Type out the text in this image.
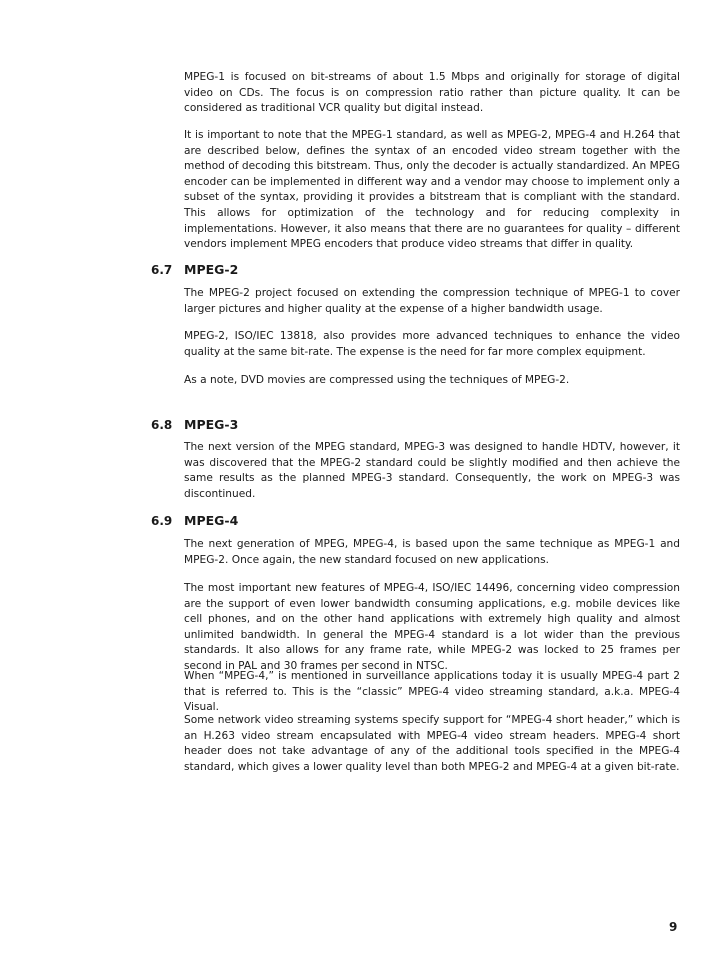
MPEG-1 is focused on bit-streams of about 1.5 Mbps and originally for storage of digital video on CDs. The focus is on compression ratio rather than picture quality. It can be considered as traditional VCR quality but digital instead.

It is important to note that the MPEG-1 standard, as well as MPEG-2, MPEG-4 and H.264 that are described below, defines the syntax of an encoded video stream together with the method of decoding this bitstream. Thus, only the decoder is actually standardized. An MPEG encoder can be implemented in different way and a vendor may choose to implement only a subset of the syntax, providing it provides a bitstream that is compliant with the standard. This allows for optimization of the technology and for reducing complexity in implementations. However, it also means that there are no guarantees for quality – different vendors implement MPEG encoders that produce video streams that differ in quality.

6.7 MPEG-2

The MPEG-2 project focused on extending the compression technique of MPEG-1 to cover larger pictures and higher quality at the expense of a higher bandwidth usage.

MPEG-2, ISO/IEC 13818, also provides more advanced techniques to enhance the video quality at the same bit-rate. The expense is the need for far more complex equipment.

As a note, DVD movies are compressed using the techniques of MPEG-2.

6.8 MPEG-3

The next version of the MPEG standard, MPEG-3 was designed to handle HDTV, however, it was discovered that the MPEG-2 standard could be slightly modified and then achieve the same results as the planned MPEG-3 standard. Consequently, the work on MPEG-3 was discontinued.

6.9 MPEG-4

The next generation of MPEG, MPEG-4, is based upon the same technique as MPEG-1 and MPEG-2. Once again, the new standard focused on new applications.

The most important new features of MPEG-4, ISO/IEC 14496, concerning video compression are the support of even lower bandwidth consuming applications, e.g. mobile devices like cell phones, and on the other hand applications with extremely high quality and almost unlimited bandwidth. In general the MPEG-4 standard is a lot wider than the previous standards. It also allows for any frame rate, while MPEG-2 was locked to 25 frames per second in PAL and 30 frames per second in NTSC.

When “MPEG-4,” is mentioned in surveillance applications today it is usually MPEG-4 part 2 that is referred to. This is the “classic” MPEG-4 video streaming standard, a.k.a. MPEG-4 Visual.

Some network video streaming systems specify support for “MPEG-4 short header,” which is an H.263 video stream encapsulated with MPEG-4 video stream headers. MPEG-4 short header does not take advantage of any of the additional tools specified in the MPEG-4 standard, which gives a lower quality level than both MPEG-2 and MPEG-4 at a given bit-rate.

9
